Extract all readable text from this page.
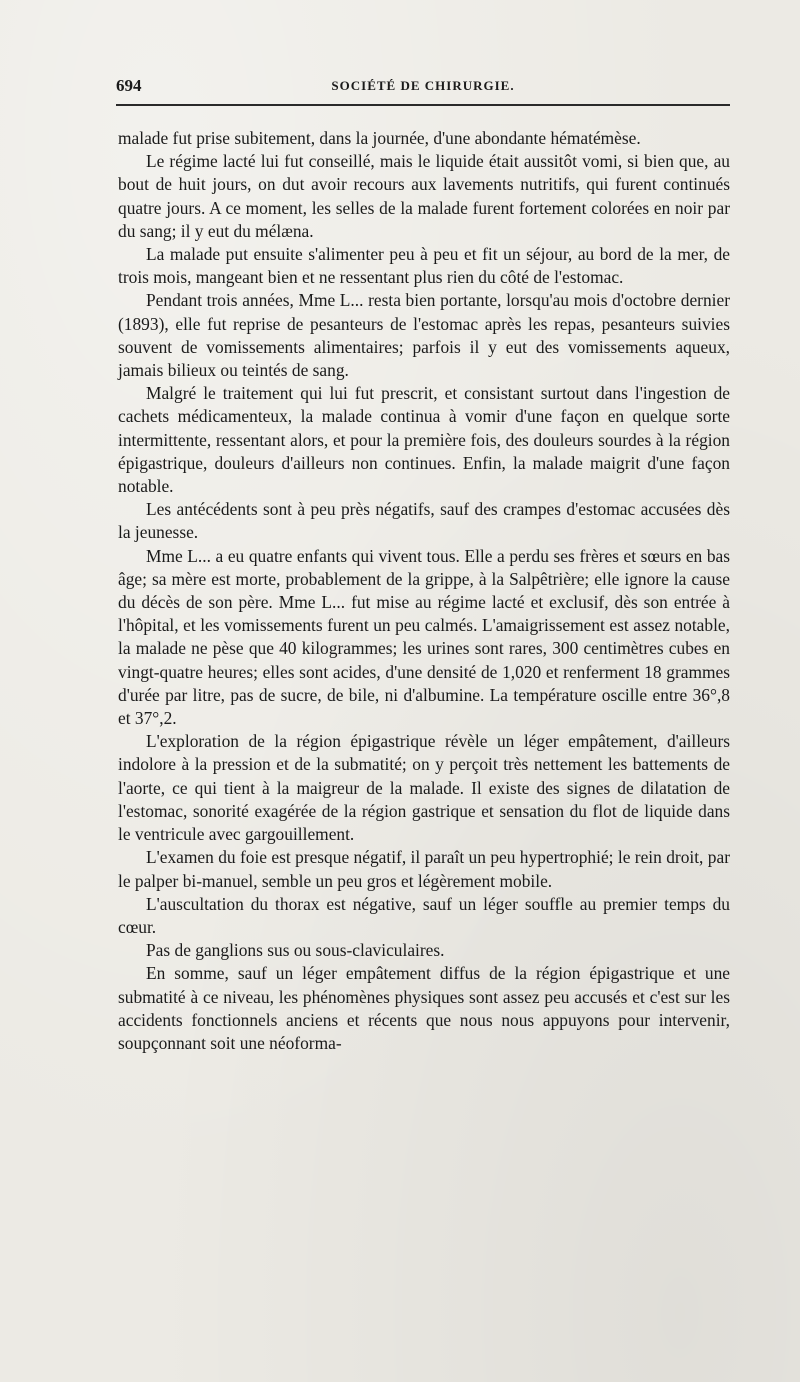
694	SOCIÉTÉ DE CHIRURGIE.

malade fut prise subitement, dans la journée, d'une abondante hématémèse.

Le régime lacté lui fut conseillé, mais le liquide était aussitôt vomi, si bien que, au bout de huit jours, on dut avoir recours aux lavements nutritifs, qui furent continués quatre jours. A ce moment, les selles de la malade furent fortement colorées en noir par du sang; il y eut du mélæna.

La malade put ensuite s'alimenter peu à peu et fit un séjour, au bord de la mer, de trois mois, mangeant bien et ne ressentant plus rien du côté de l'estomac.

Pendant trois années, Mme L... resta bien portante, lorsqu'au mois d'octobre dernier (1893), elle fut reprise de pesanteurs de l'estomac après les repas, pesanteurs suivies souvent de vomissements alimentaires; parfois il y eut des vomissements aqueux, jamais bilieux ou teintés de sang.

Malgré le traitement qui lui fut prescrit, et consistant surtout dans l'ingestion de cachets médicamenteux, la malade continua à vomir d'une façon en quelque sorte intermittente, ressentant alors, et pour la première fois, des douleurs sourdes à la région épigastrique, douleurs d'ailleurs non continues. Enfin, la malade maigrit d'une façon notable.

Les antécédents sont à peu près négatifs, sauf des crampes d'estomac accusées dès la jeunesse.

Mme L... a eu quatre enfants qui vivent tous. Elle a perdu ses frères et sœurs en bas âge; sa mère est morte, probablement de la grippe, à la Salpêtrière; elle ignore la cause du décès de son père. Mme L... fut mise au régime lacté et exclusif, dès son entrée à l'hôpital, et les vomissements furent un peu calmés. L'amaigrissement est assez notable, la malade ne pèse que 40 kilogrammes; les urines sont rares, 300 centimètres cubes en vingt-quatre heures; elles sont acides, d'une densité de 1,020 et renferment 18 grammes d'urée par litre, pas de sucre, de bile, ni d'albumine. La température oscille entre 36°,8 et 37°,2.

L'exploration de la région épigastrique révèle un léger empâtement, d'ailleurs indolore à la pression et de la submatité; on y perçoit très nettement les battements de l'aorte, ce qui tient à la maigreur de la malade. Il existe des signes de dilatation de l'estomac, sonorité exagérée de la région gastrique et sensation du flot de liquide dans le ventricule avec gargouillement.

L'examen du foie est presque négatif, il paraît un peu hypertrophié; le rein droit, par le palper bi-manuel, semble un peu gros et légèrement mobile.

L'auscultation du thorax est négative, sauf un léger souffle au premier temps du cœur.

Pas de ganglions sus ou sous-claviculaires.

En somme, sauf un léger empâtement diffus de la région épigastrique et une submatité à ce niveau, les phénomènes physiques sont assez peu accusés et c'est sur les accidents fonctionnels anciens et récents que nous nous appuyons pour intervenir, soupçonnant soit une néoforma-
